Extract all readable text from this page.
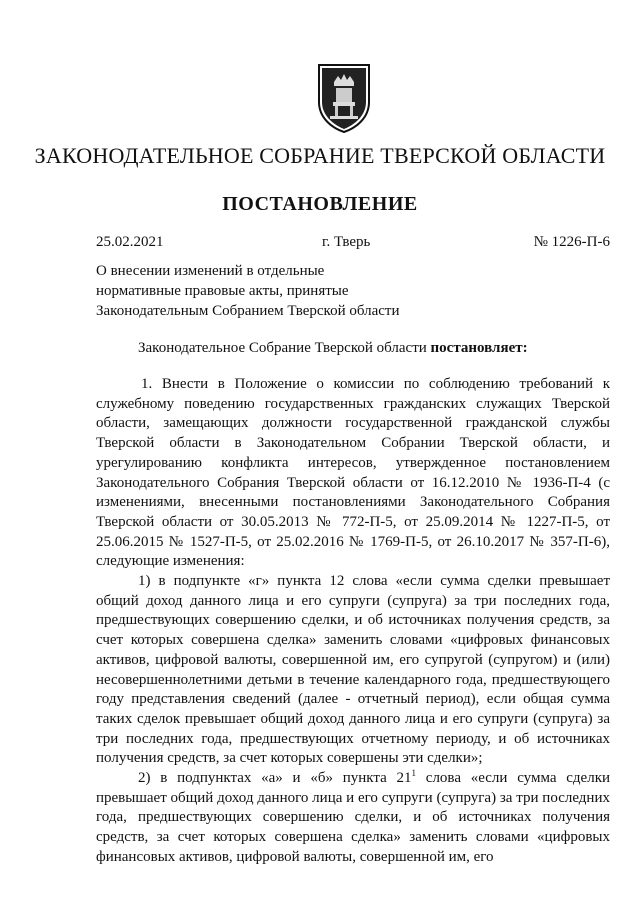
ЗАКОНОДАТЕЛЬНОЕ СОБРАНИЕ ТВЕРСКОЙ ОБЛАСТИ
ПОСТАНОВЛЕНИЕ
25.02.2021	г. Тверь	№ 1226-П-6
О внесении изменений в отдельные
нормативные правовые акты, принятые
Законодательным Собранием Тверской области
Законодательное Собрание Тверской области постановляет:

1. Внести в Положение о комиссии по соблюдению требований к служебному поведению государственных гражданских служащих Тверской области, замещающих должности государственной гражданской службы Тверской области в Законодательном Собрании Тверской области, и урегулированию конфликта интересов, утвержденное постановлением Законодательного Собрания Тверской области от 16.12.2010 № 1936-П-4 (с изменениями, внесенными постановлениями Законодательного Собрания Тверской области от 30.05.2013 № 772-П-5, от 25.09.2014 № 1227-П-5, от 25.06.2015 № 1527-П-5, от 25.02.2016 № 1769-П-5, от 26.10.2017 № 357-П-6), следующие изменения:

1) в подпункте «г» пункта 12 слова «если сумма сделки превышает общий доход данного лица и его супруги (супруга) за три последних года, предшествующих совершению сделки, и об источниках получения средств, за счет которых совершена сделка» заменить словами «цифровых финансовых активов, цифровой валюты, совершенной им, его супругой (супругом) и (или) несовершеннолетними детьми в течение календарного года, предшествующего году представления сведений (далее - отчетный период), если общая сумма таких сделок превышает общий доход данного лица и его супруги (супруга) за три последних года, предшествующих отчетному периоду, и об источниках получения средств, за счет которых совершены эти сделки»;

2) в подпунктах «а» и «б» пункта $21^1$ слова «если сумма сделки превышает общий доход данного лица и его супруги (супруга) за три последних года, предшествующих совершению сделки, и об источниках получения средств, за счет которых совершена сделка» заменить словами «цифровых финансовых активов, цифровой валюты, совершенной им, его
